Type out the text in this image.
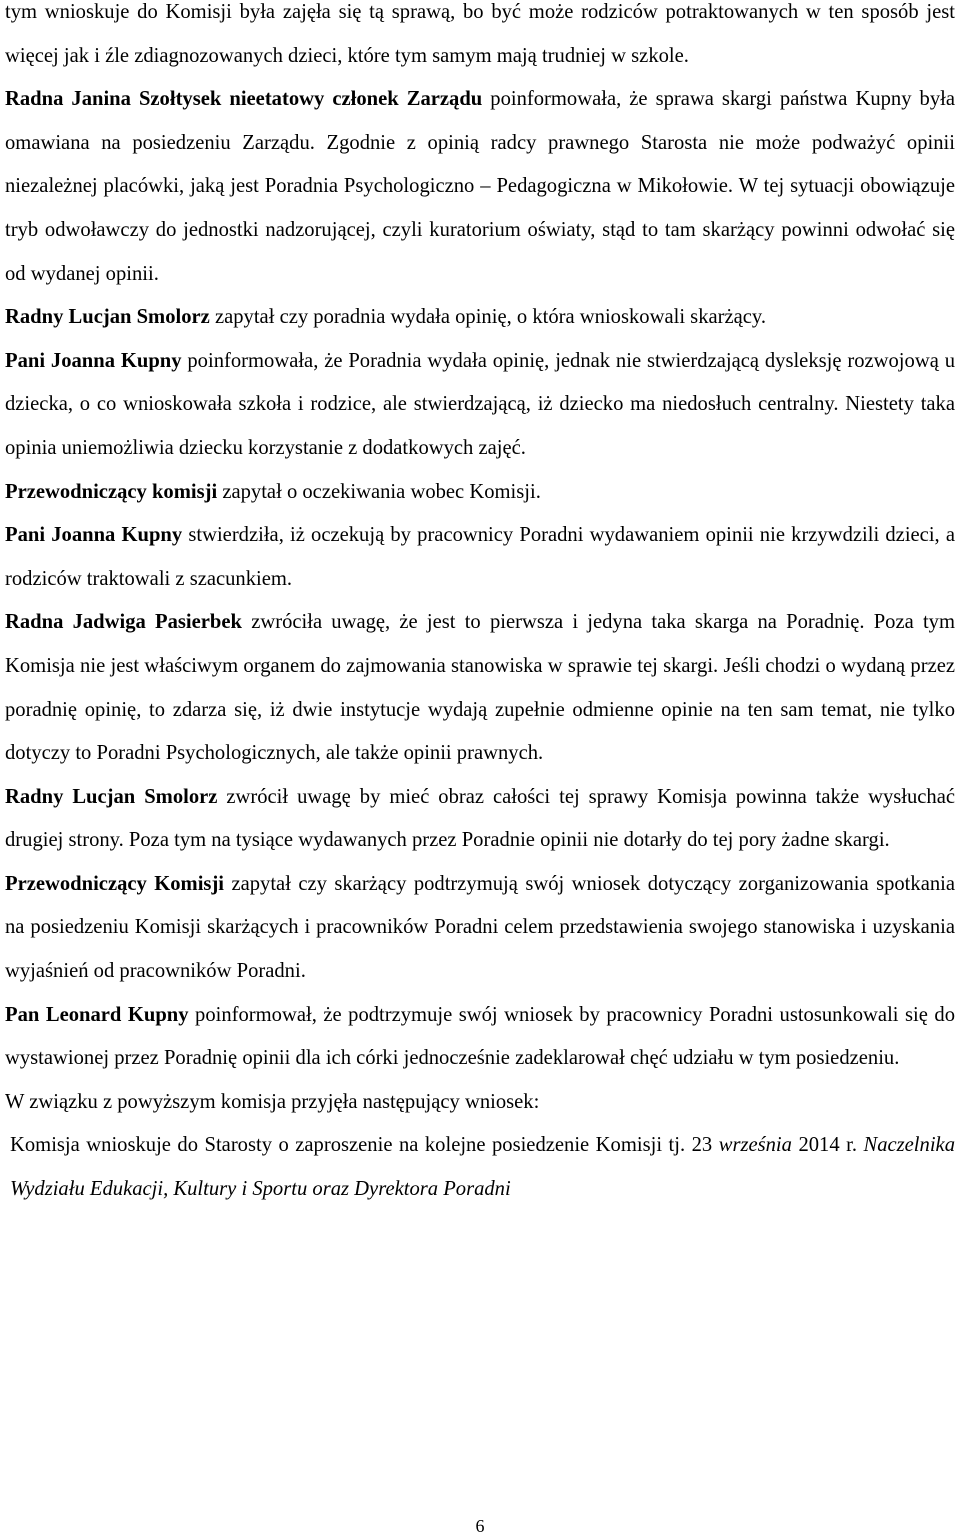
tym wnioskuje do Komisji była zajęła się tą sprawą, bo być może rodziców potraktowanych w ten sposób jest więcej jak i źle zdiagnozowanych dzieci, które tym samym mają trudniej w szkole.

Radna Janina Szołtysek nieetatowy członek Zarządu poinformowała, że sprawa skargi państwa Kupny była omawiana na posiedzeniu Zarządu. Zgodnie z opinią radcy prawnego Starosta nie może podważyć opinii niezależnej placówki, jaką jest Poradnia Psychologiczno – Pedagogiczna w Mikołowie. W tej sytuacji obowiązuje tryb odwoławczy do jednostki nadzorującej, czyli kuratorium oświaty, stąd to tam skarżący powinni odwołać się od wydanej opinii.

Radny Lucjan Smolorz zapytał czy poradnia wydała opinię, o która wnioskowali skarżący.

Pani Joanna Kupny poinformowała, że Poradnia wydała opinię, jednak nie stwierdzającą dysleksję rozwojową u dziecka, o co wnioskowała szkoła i rodzice, ale stwierdzającą, iż dziecko ma niedosłuch centralny. Niestety taka opinia uniemożliwia dziecku korzystanie z dodatkowych zajęć.

Przewodniczący komisji zapytał o oczekiwania wobec Komisji.

Pani Joanna Kupny stwierdziła, iż oczekują by pracownicy Poradni wydawaniem opinii nie krzywdzili dzieci, a rodziców traktowali z szacunkiem.

Radna Jadwiga Pasierbek zwróciła uwagę, że jest to pierwsza i jedyna taka skarga na Poradnię. Poza tym Komisja nie jest właściwym organem do zajmowania stanowiska w sprawie tej skargi. Jeśli chodzi o wydaną przez poradnię opinię, to zdarza się, iż dwie instytucje wydają zupełnie odmienne opinie na ten sam temat, nie tylko dotyczy to Poradni Psychologicznych, ale także opinii prawnych.

Radny Lucjan Smolorz zwrócił uwagę by mieć obraz całości tej sprawy Komisja powinna także wysłuchać drugiej strony. Poza tym na tysiące wydawanych przez Poradnie opinii nie dotarły do tej pory żadne skargi.

Przewodniczący Komisji zapytał czy skarżący podtrzymują swój wniosek dotyczący zorganizowania spotkania na posiedzeniu Komisji skarżących i pracowników Poradni celem przedstawienia swojego stanowiska i uzyskania wyjaśnień od pracowników Poradni.

Pan Leonard Kupny poinformował, że podtrzymuje swój wniosek by pracownicy Poradni ustosunkowali się do wystawionej przez Poradnię opinii dla ich córki jednocześnie zadeklarował chęć udziału w tym posiedzeniu.

W związku z powyższym komisja przyjęła następujący wniosek:

Komisja wnioskuje do Starosty o zaproszenie na kolejne posiedzenie Komisji tj. 23 września 2014 r. Naczelnika Wydziału Edukacji, Kultury i Sportu oraz Dyrektora Poradni

6
